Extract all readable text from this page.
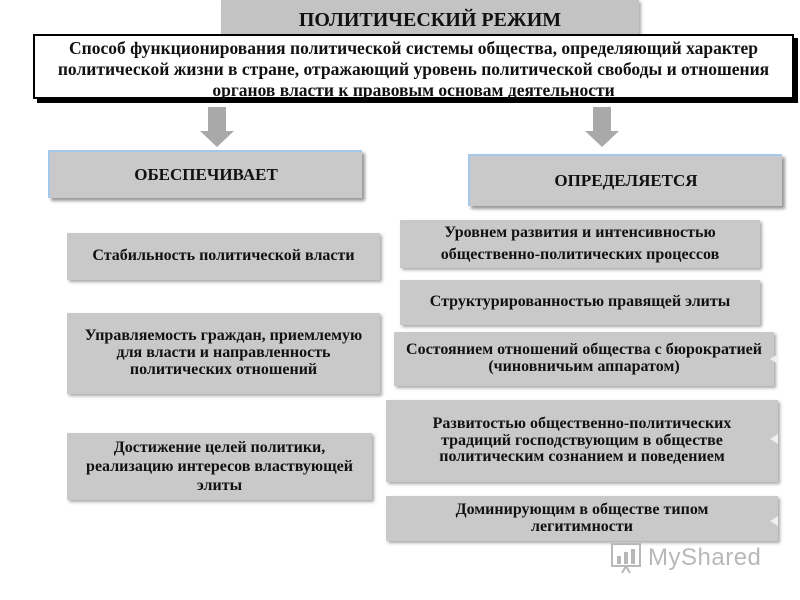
ПОЛИТИЧЕСКИЙ РЕЖИМ
Способ функционирования политической системы общества, определяющий характер политической жизни в стране, отражающий уровень политической свободы и отношения органов власти к правовым основам деятельности
ОБЕСПЕЧИВАЕТ	ОПРЕДЕЛЯЕТСЯ
Стабильность политической власти
Управляемость граждан, приемлемую для власти и направленность политических отношений
Достижение целей политики, реализацию интересов властвующей элиты
Уровнем развития и интенсивностью общественно-политических процессов
Структурированностью правящей элиты
Состоянием отношений общества с бюрократией (чиновничьим аппаратом)
Развитостью общественно-политических традиций господствующим в обществе политическим сознанием и поведением
Доминирующим в обществе типом легитимности
MyShared
